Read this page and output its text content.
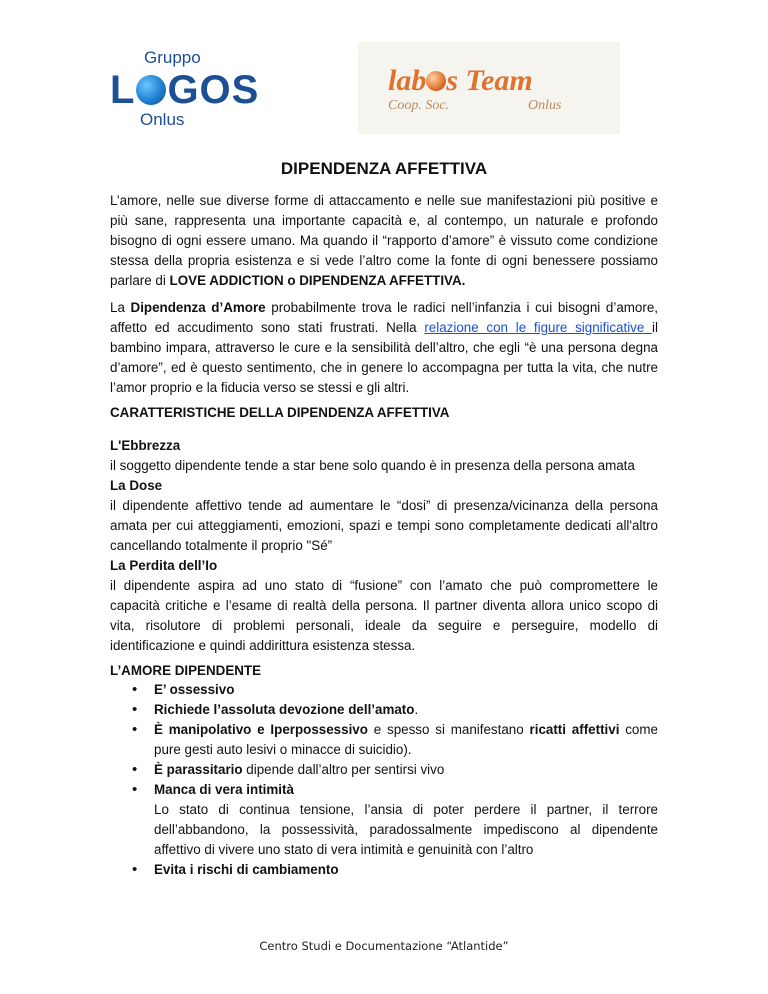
Gruppo
L GOS
Onlus
lab s Team
Coop. Soc.	Onlus
DIPENDENZA AFFETTIVA

L’amore, nelle sue diverse forme di attaccamento e nelle sue manifestazioni più positive e più sane, rappresenta una importante capacità e, al contempo, un naturale e profondo bisogno di ogni essere umano. Ma quando il “rapporto d’amore” è vissuto come condizione stessa della propria esistenza e si vede l’altro come la fonte di ogni benessere possiamo parlare di LOVE ADDICTION o DIPENDENZA AFFETTIVA.

La Dipendenza d’Amore probabilmente trova le radici nell’infanzia i cui bisogni d’amore, affetto ed accudimento sono stati frustrati. Nella relazione con le figure significative il bambino impara, attraverso le cure e la sensibilità dell’altro, che egli “è una persona degna d’amore”, ed è questo sentimento, che in genere lo accompagna per tutta la vita, che nutre l’amor proprio e la fiducia verso se stessi e gli altri.

CARATTERISTICHE DELLA DIPENDENZA AFFETTIVA
L'Ebbrezza
il soggetto dipendente tende a star bene solo quando è in presenza della persona amata
La Dose
il dipendente affettivo tende ad aumentare le “dosi” di presenza/vicinanza della persona amata per cui atteggiamenti, emozioni, spazi e tempi sono completamente dedicati all'altro cancellando totalmente il proprio "Sé”
La Perdita dell’Io
il dipendente aspira ad uno stato di “fusione” con l’amato che può compromettere le capacità critiche e l’esame di realtà della persona. Il partner diventa allora unico scopo di vita, risolutore di problemi personali, ideale da seguire e perseguire, modello di identificazione e quindi addirittura esistenza stessa.
L’AMORE DIPENDENTE
• E’ ossessivo
• Richiede l’assoluta devozione dell’amato.
• È manipolativo e Iperpossessivo e spesso si manifestano ricatti affettivi come pure gesti auto lesivi o minacce di suicidio).
• È parassitario dipende dall’altro per sentirsi vivo
• Manca di vera intimità
Lo stato di continua tensione, l’ansia di poter perdere il partner, il terrore dell’abbandono, la possessività, paradossalmente impediscono al dipendente affettivo di vivere uno stato di vera intimità e genuinità con l’altro
• Evita i rischi di cambiamento
Centro Studi e Documentazione “Atlantide”
